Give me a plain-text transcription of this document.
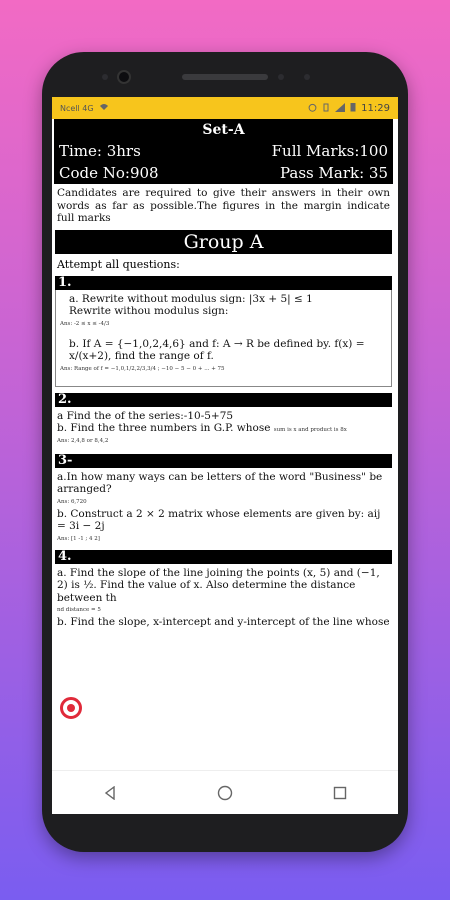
Ncell 4G	11:29
Set-A
Time: 3hrs	Full Marks:100
Code No:908	Pass Mark: 35
Candidates are required to give their answers in their own words as far as possible.The figures in the margin indicate full marks
Group A
Attempt all questions:
1.
a. Rewrite without modulus sign: |3x + 5| ≤ 1
Rewrite withou modulus sign:
Ans: -2 ≤ x ≤ -4/3
b. If A = {−1,0,2,4,6} and f: A → R be defined by. f(x) = x/(x+2), find the range of f.
Ans: Range of f = −1,0,1/2,2/3,3/4 ; −10 − 5 − 0 + ... + 75
2.
a Find the of the series:-10-5+75
b. Find the three numbers in G.P. whose sum is x and product is 8x
Ans: 2,4,8 or 8,4,2
3-
a.In how many ways can be letters of the word "Business" be arranged?
Ans: 6,720
b. Construct a 2 × 2 matrix whose elements are given by: aij = 3i − 2j
Ans: [1 -1 ; 4 2]
4.
a. Find the slope of the line joining the points (x, 5) and (−1, 2) is ½. Find the value of x. Also determine the distance between th
nd distance = 5
b. Find the slope, x-intercept and y-intercept of the line whose
